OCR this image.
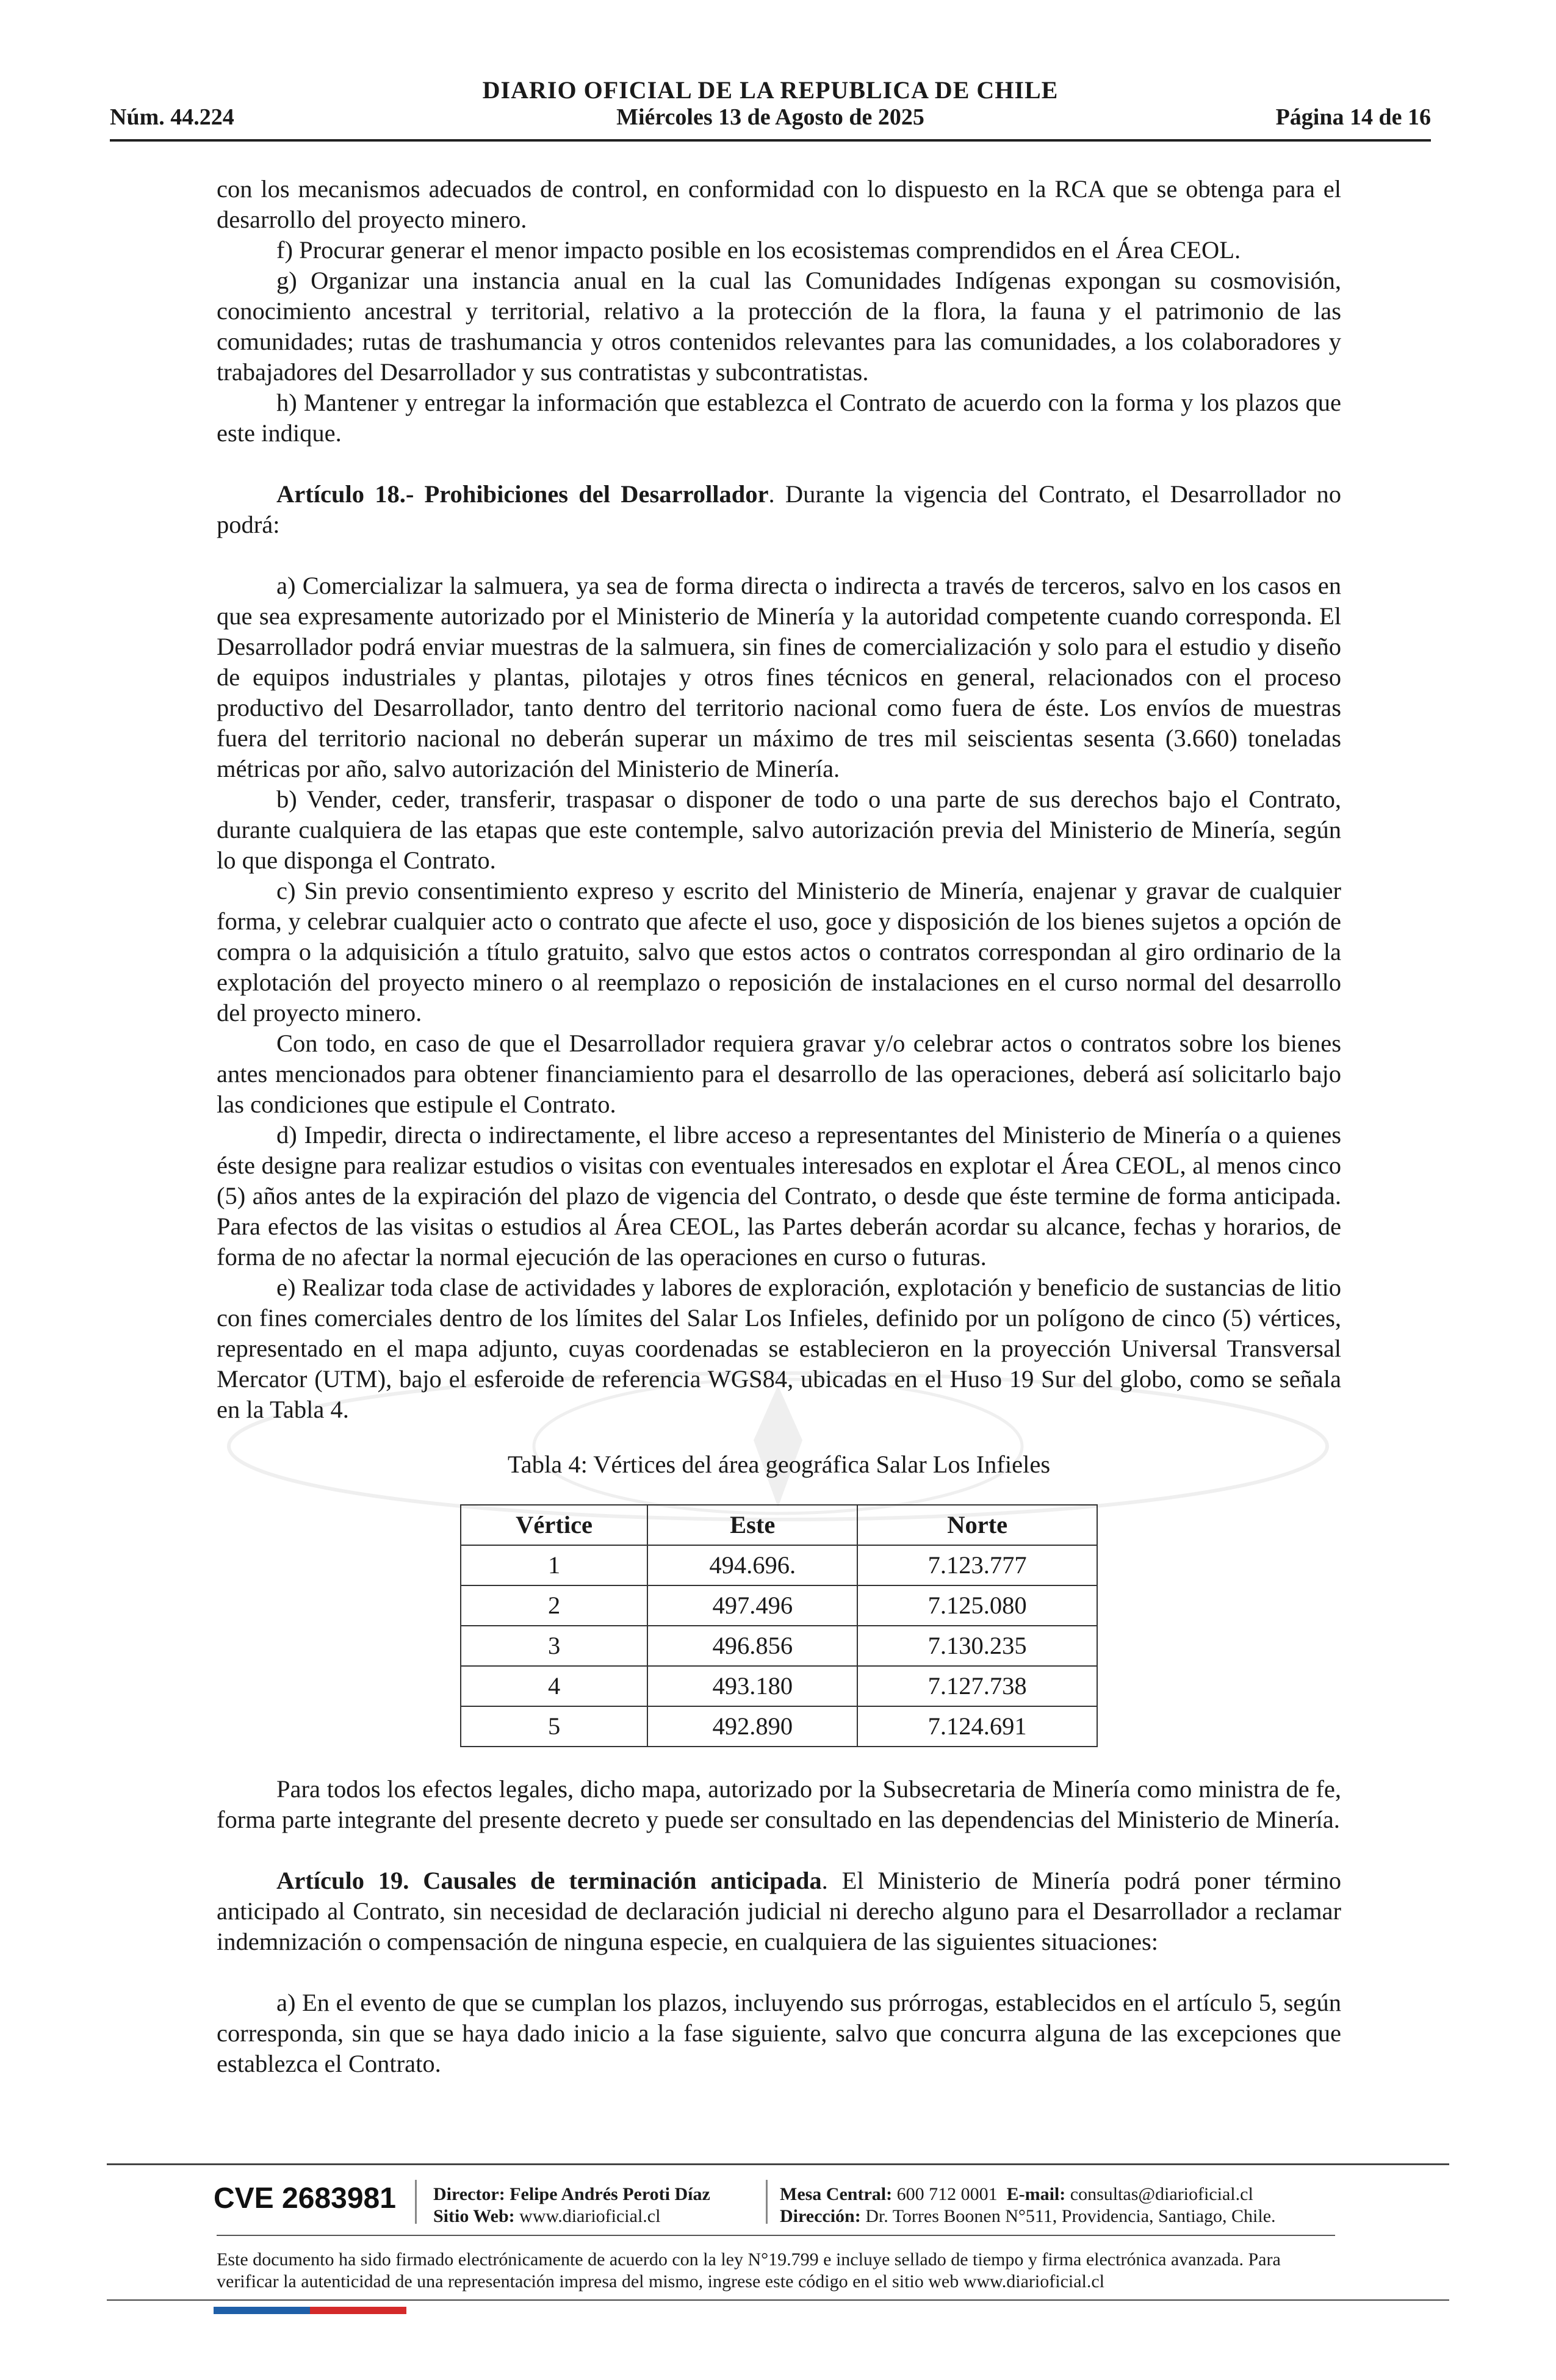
DIARIO OFICIAL DE LA REPUBLICA DE CHILE
Núm. 44.224	Miércoles 13 de Agosto de 2025	Página 14 de 16

con los mecanismos adecuados de control, en conformidad con lo dispuesto en la RCA que se obtenga para el desarrollo del proyecto minero.

f) Procurar generar el menor impacto posible en los ecosistemas comprendidos en el Área CEOL.

g) Organizar una instancia anual en la cual las Comunidades Indígenas expongan su cosmovisión, conocimiento ancestral y territorial, relativo a la protección de la flora, la fauna y el patrimonio de las comunidades; rutas de trashumancia y otros contenidos relevantes para las comunidades, a los colaboradores y trabajadores del Desarrollador y sus contratistas y subcontratistas.

h) Mantener y entregar la información que establezca el Contrato de acuerdo con la forma y los plazos que este indique.

Artículo 18.- Prohibiciones del Desarrollador. Durante la vigencia del Contrato, el Desarrollador no podrá:

a) Comercializar la salmuera, ya sea de forma directa o indirecta a través de terceros, salvo en los casos en que sea expresamente autorizado por el Ministerio de Minería y la autoridad competente cuando corresponda. El Desarrollador podrá enviar muestras de la salmuera, sin fines de comercialización y solo para el estudio y diseño de equipos industriales y plantas, pilotajes y otros fines técnicos en general, relacionados con el proceso productivo del Desarrollador, tanto dentro del territorio nacional como fuera de éste. Los envíos de muestras fuera del territorio nacional no deberán superar un máximo de tres mil seiscientas sesenta (3.660) toneladas métricas por año, salvo autorización del Ministerio de Minería.

b) Vender, ceder, transferir, traspasar o disponer de todo o una parte de sus derechos bajo el Contrato, durante cualquiera de las etapas que este contemple, salvo autorización previa del Ministerio de Minería, según lo que disponga el Contrato.

c) Sin previo consentimiento expreso y escrito del Ministerio de Minería, enajenar y gravar de cualquier forma, y celebrar cualquier acto o contrato que afecte el uso, goce y disposición de los bienes sujetos a opción de compra o la adquisición a título gratuito, salvo que estos actos o contratos correspondan al giro ordinario de la explotación del proyecto minero o al reemplazo o reposición de instalaciones en el curso normal del desarrollo del proyecto minero.

Con todo, en caso de que el Desarrollador requiera gravar y/o celebrar actos o contratos sobre los bienes antes mencionados para obtener financiamiento para el desarrollo de las operaciones, deberá así solicitarlo bajo las condiciones que estipule el Contrato.

d) Impedir, directa o indirectamente, el libre acceso a representantes del Ministerio de Minería o a quienes éste designe para realizar estudios o visitas con eventuales interesados en explotar el Área CEOL, al menos cinco (5) años antes de la expiración del plazo de vigencia del Contrato, o desde que éste termine de forma anticipada. Para efectos de las visitas o estudios al Área CEOL, las Partes deberán acordar su alcance, fechas y horarios, de forma de no afectar la normal ejecución de las operaciones en curso o futuras.

e) Realizar toda clase de actividades y labores de exploración, explotación y beneficio de sustancias de litio con fines comerciales dentro de los límites del Salar Los Infieles, definido por un polígono de cinco (5) vértices, representado en el mapa adjunto, cuyas coordenadas se establecieron en la proyección Universal Transversal Mercator (UTM), bajo el esferoide de referencia WGS84, ubicadas en el Huso 19 Sur del globo, como se señala en la Tabla 4.

Tabla 4: Vértices del área geográfica Salar Los Infieles

Vértice	Este	Norte
1	494.696.	7.123.777
2	497.496	7.125.080
3	496.856	7.130.235
4	493.180	7.127.738
5	492.890	7.124.691

Para todos los efectos legales, dicho mapa, autorizado por la Subsecretaria de Minería como ministra de fe, forma parte integrante del presente decreto y puede ser consultado en las dependencias del Ministerio de Minería.

Artículo 19. Causales de terminación anticipada. El Ministerio de Minería podrá poner término anticipado al Contrato, sin necesidad de declaración judicial ni derecho alguno para el Desarrollador a reclamar indemnización o compensación de ninguna especie, en cualquiera de las siguientes situaciones:

a) En el evento de que se cumplan los plazos, incluyendo sus prórrogas, establecidos en el artículo 5, según corresponda, sin que se haya dado inicio a la fase siguiente, salvo que concurra alguna de las excepciones que establezca el Contrato.

CVE 2683981 Director: Felipe Andrés Peroti Díaz
Sitio Web: www.diarioficial.cl
Mesa Central: 600 712 0001 E-mail: consultas@diarioficial.cl
Dirección: Dr. Torres Boonen N°511, Providencia, Santiago, Chile.
Este documento ha sido firmado electrónicamente de acuerdo con la ley N°19.799 e incluye sellado de tiempo y firma electrónica avanzada. Para verificar la autenticidad de una representación impresa del mismo, ingrese este código en el sitio web www.diarioficial.cl
